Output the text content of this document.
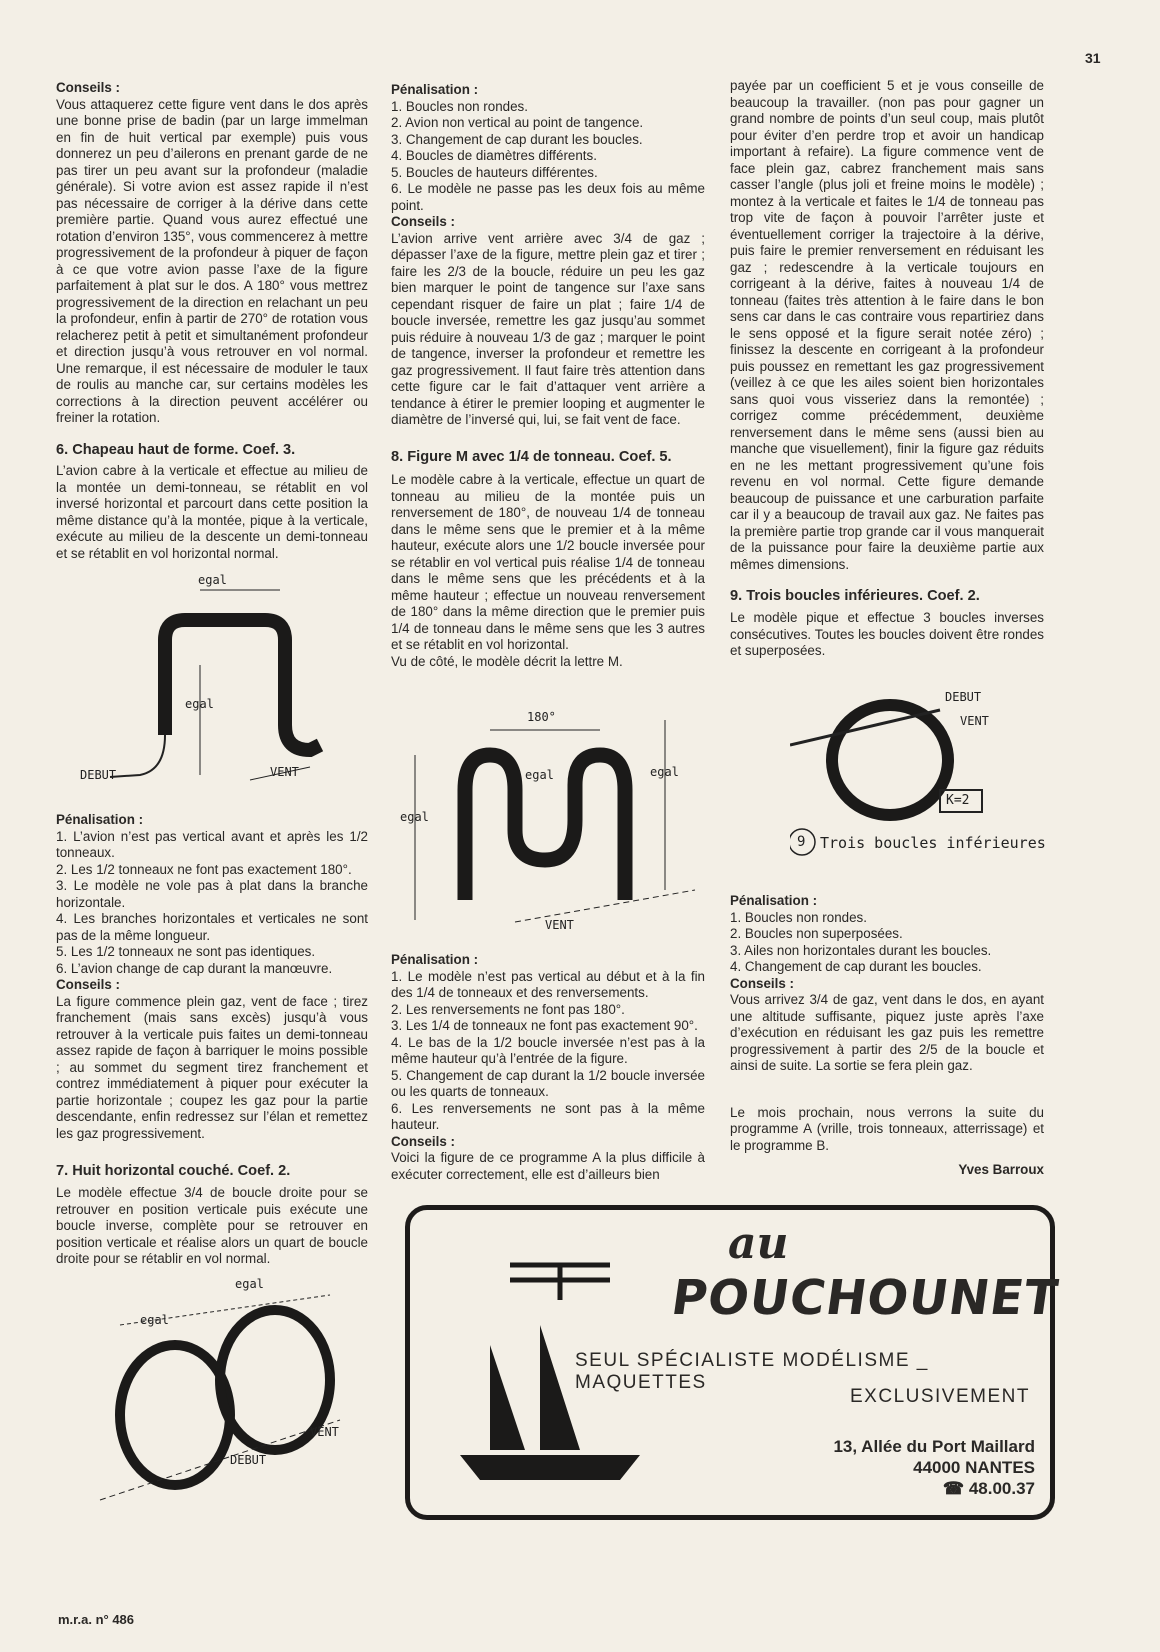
31

Conseils :

Vous attaquerez cette figure vent dans le dos après une bonne prise de badin (par un large immelman en fin de huit vertical par exemple) puis vous donnerez un peu d’ailerons en prenant garde de ne pas tirer un peu avant sur la profondeur (maladie générale). Si votre avion est assez rapide il n’est pas nécessaire de corriger à la dérive dans cette première partie. Quand vous aurez effectué une rotation d’environ 135°, vous commencerez à mettre progressivement de la profondeur à piquer de façon à ce que votre avion passe l’axe de la figure parfaitement à plat sur le dos. A 180° vous mettrez progressivement de la direction en relachant un peu la profondeur, enfin à partir de 270° de rotation vous relacherez petit à petit et simultanément profondeur et direction jusqu’à vous retrouver en vol normal. Une remarque, il est nécessaire de moduler le taux de roulis au manche car, sur certains modèles les corrections à la direction peuvent accélérer ou freiner la rotation.

6. Chapeau haut de forme. Coef. 3.

L’avion cabre à la verticale et effectue au milieu de la montée un demi-tonneau, se rétablit en vol inversé horizontal et parcourt dans cette position la même distance qu’à la montée, pique à la verticale, exécute au milieu de la descente un demi-tonneau et se rétablit en vol horizontal normal.

egal
egal
DEBUT	VENT

Pénalisation :

1. L’avion n’est pas vertical avant et après les 1/2 tonneaux.
2. Les 1/2 tonneaux ne font pas exactement 180°.
3. Le modèle ne vole pas à plat dans la branche horizontale.
4. Les branches horizontales et verticales ne sont pas de la même longueur.
5. Les 1/2 tonneaux ne sont pas identiques.
6. L’avion change de cap durant la manœuvre.

Conseils :

La figure commence plein gaz, vent de face ; tirez franchement (mais sans excès) jusqu’à vous retrouver à la verticale puis faites un demi-tonneau assez rapide de façon à barriquer le moins possible ; au sommet du segment tirez franchement et contrez immédiatement à piquer pour exécuter la partie horizontale ; coupez les gaz pour la partie descendante, enfin redressez sur l’élan et remettez les gaz progressivement.

7. Huit horizontal couché. Coef. 2.

Le modèle effectue 3/4 de boucle droite pour se retrouver en position verticale puis exécute une boucle inverse, complète pour se retrouver en position verticale et réalise alors un quart de boucle droite pour se rétablir en vol normal.

egal
egal
VENT
DEBUT

Pénalisation :

1. Boucles non rondes.
2. Avion non vertical au point de tangence.
3. Changement de cap durant les boucles.
4. Boucles de diamètres différents.
5. Boucles de hauteurs différentes.
6. Le modèle ne passe pas les deux fois au même point.

Conseils :

L’avion arrive vent arrière avec 3/4 de gaz ; dépasser l’axe de la figure, mettre plein gaz et tirer ; faire les 2/3 de la boucle, réduire un peu les gaz bien marquer le point de tangence sur l’axe sans cependant risquer de faire un plat ; faire 1/4 de boucle inversée, remettre les gaz jusqu’au sommet puis réduire à nouveau 1/3 de gaz ; marquer le point de tangence, inverser la profondeur et remettre les gaz progressivement. Il faut faire très attention dans cette figure car le fait d’attaquer vent arrière a tendance à étirer le premier looping et augmenter le diamètre de l’inversé qui, lui, se fait vent de face.

8. Figure M avec 1/4 de tonneau. Coef. 5.

Le modèle cabre à la verticale, effectue un quart de tonneau au milieu de la montée puis un renversement de 180°, de nouveau 1/4 de tonneau dans le même sens que le premier et à la même hauteur, exécute alors une 1/2 boucle inversée pour se rétablir en vol vertical puis réalise 1/4 de tonneau dans le même sens que les précédents et à la même hauteur ; effectue un nouveau renversement de 180° dans la même direction que le premier puis 1/4 de tonneau dans le même sens que les 3 autres et se rétablit en vol horizontal.

Vu de côté, le modèle décrit la lettre M.

180°
egal
egal	egal
VENT

Pénalisation :

1. Le modèle n’est pas vertical au début et à la fin des 1/4 de tonneaux et des renversements.
2. Les renversements ne font pas 180°.
3. Les 1/4 de tonneaux ne font pas exactement 90°.
4. Le bas de la 1/2 boucle inversée n’est pas à la même hauteur qu’à l’entrée de la figure.
5. Changement de cap durant la 1/2 boucle inversée ou les quarts de tonneaux.
6. Les renversements ne sont pas à la même hauteur.

Conseils :

Voici la figure de ce programme A la plus difficile à exécuter correctement, elle est d’ailleurs bien

payée par un coefficient 5 et je vous conseille de beaucoup la travailler. (non pas pour gagner un grand nombre de points d’un seul coup, mais plutôt pour éviter d’en perdre trop et avoir un handicap important à refaire). La figure commence vent de face plein gaz, cabrez franchement mais sans casser l’angle (plus joli et freine moins le modèle) ; montez à la verticale et faites le 1/4 de tonneau pas trop vite de façon à pouvoir l’arrêter juste et éventuellement corriger la trajectoire à la dérive, puis faire le premier renversement en réduisant les gaz ; redescendre à la verticale toujours en corrigeant à la dérive, faites à nouveau 1/4 de tonneau (faites très attention à le faire dans le bon sens car dans le cas contraire vous repartiriez dans le sens opposé et la figure serait notée zéro) ; finissez la descente en corrigeant à la profondeur puis poussez en remettant les gaz progressivement (veillez à ce que les ailes soient bien horizontales sans quoi vous visseriez dans la remontée) ; corrigez comme précédemment, deuxième renversement dans le même sens (aussi bien au manche que visuellement), finir la figure gaz réduits en ne les mettant progressivement qu’une fois revenu en vol normal. Cette figure demande beaucoup de puissance et une carburation parfaite car il y a beaucoup de travail aux gaz. Ne faites pas la première partie trop grande car il vous manquerait de la puissance pour faire la deuxième partie aux mêmes dimensions.

9. Trois boucles inférieures. Coef. 2.

Le modèle pique et effectue 3 boucles inverses consécutives. Toutes les boucles doivent être rondes et superposées.

DEBUT
VENT
K=2
9 Trois boucles inférieures

Pénalisation :

1. Boucles non rondes.
2. Boucles non superposées.
3. Ailes non horizontales durant les boucles.
4. Changement de cap durant les boucles.

Conseils :

Vous arrivez 3/4 de gaz, vent dans le dos, en ayant une altitude suffisante, piquez juste après l’axe d’exécution en réduisant les gaz puis les remettre progressivement à partir des 2/5 de la boucle et ainsi de suite. La sortie se fera plein gaz.

Le mois prochain, nous verrons la suite du programme A (vrille, trois tonneaux, atterrissage) et le programme B.

Yves Barroux

au
POUCHOUNET
SEUL SPÉCIALISTE MODÉLISME _ MAQUETTES
EXCLUSIVEMENT
13, Allée du Port Maillard
44000 NANTES
☎ 48.00.37
m.r.a. n° 486
